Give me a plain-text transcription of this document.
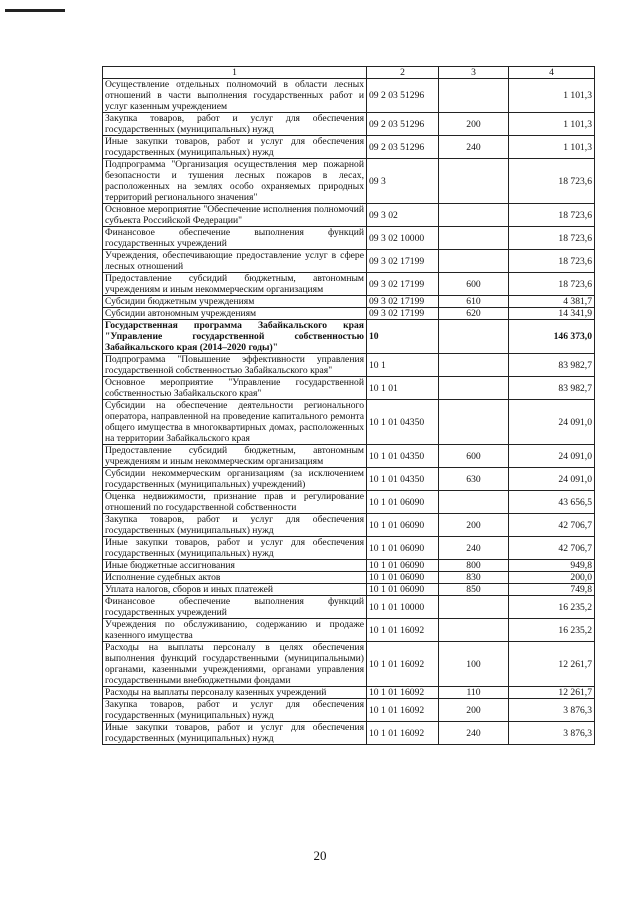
1	2	3	4
Осуществление отдельных полномочий в области лесных отношений в части выполнения государственных работ и услуг казенным учреждением	09 2 03 51296		1 101,3
Закупка товаров, работ и услуг для обеспечения государственных (муниципальных) нужд	09 2 03 51296	200	1 101,3
Иные закупки товаров, работ и услуг для обеспечения государственных (муниципальных) нужд	09 2 03 51296	240	1 101,3
Подпрограмма "Организация осуществления мер пожарной безопасности и тушения лесных пожаров в лесах, расположенных на землях особо охраняемых природных территорий регионального значения"	09 3		18 723,6
Основное мероприятие "Обеспечение исполнения полномочий субъекта Российской Федерации"	09 3 02		18 723,6
Финансовое обеспечение выполнения функций государственных учреждений	09 3 02 10000		18 723,6
Учреждения, обеспечивающие предоставление услуг в сфере лесных отношений	09 3 02 17199		18 723,6
Предоставление субсидий бюджетным, автономным учреждениям и иным некоммерческим организациям	09 3 02 17199	600	18 723,6
Субсидии бюджетным учреждениям	09 3 02 17199	610	4 381,7
Субсидии автономным учреждениям	09 3 02 17199	620	14 341,9
Государственная программа Забайкальского края "Управление государственной собственностью Забайкальского края (2014–2020 годы)"	10		146 373,0
Подпрограмма "Повышение эффективности управления государственной собственностью Забайкальского края"	10 1		83 982,7
Основное мероприятие "Управление государственной собственностью Забайкальского края"	10 1 01		83 982,7
Субсидии на обеспечение деятельности регионального оператора, направленной на проведение капитального ремонта общего имущества в многоквартирных домах, расположенных на территории Забайкальского края	10 1 01 04350		24 091,0
Предоставление субсидий бюджетным, автономным учреждениям и иным некоммерческим организациям	10 1 01 04350	600	24 091,0
Субсидии некоммерческим организациям (за исключением государственных (муниципальных) учреждений)	10 1 01 04350	630	24 091,0
Оценка недвижимости, признание прав и регулирование отношений по государственной собственности	10 1 01 06090		43 656,5
Закупка товаров, работ и услуг для обеспечения государственных (муниципальных) нужд	10 1 01 06090	200	42 706,7
Иные закупки товаров, работ и услуг для обеспечения государственных (муниципальных) нужд	10 1 01 06090	240	42 706,7
Иные бюджетные ассигнования	10 1 01 06090	800	949,8
Исполнение судебных актов	10 1 01 06090	830	200,0
Уплата налогов, сборов и иных платежей	10 1 01 06090	850	749,8
Финансовое обеспечение выполнения функций государственных учреждений	10 1 01 10000		16 235,2
Учреждения по обслуживанию, содержанию и продаже казенного имущества	10 1 01 16092		16 235,2
Расходы на выплаты персоналу в целях обеспечения выполнения функций государственными (муниципальными) органами, казенными учреждениями, органами управления государственными внебюджетными фондами	10 1 01 16092	100	12 261,7
Расходы на выплаты персоналу казенных учреждений	10 1 01 16092	110	12 261,7
Закупка товаров, работ и услуг для обеспечения государственных (муниципальных) нужд	10 1 01 16092	200	3 876,3
Иные закупки товаров, работ и услуг для обеспечения государственных (муниципальных) нужд	10 1 01 16092	240	3 876,3
20
